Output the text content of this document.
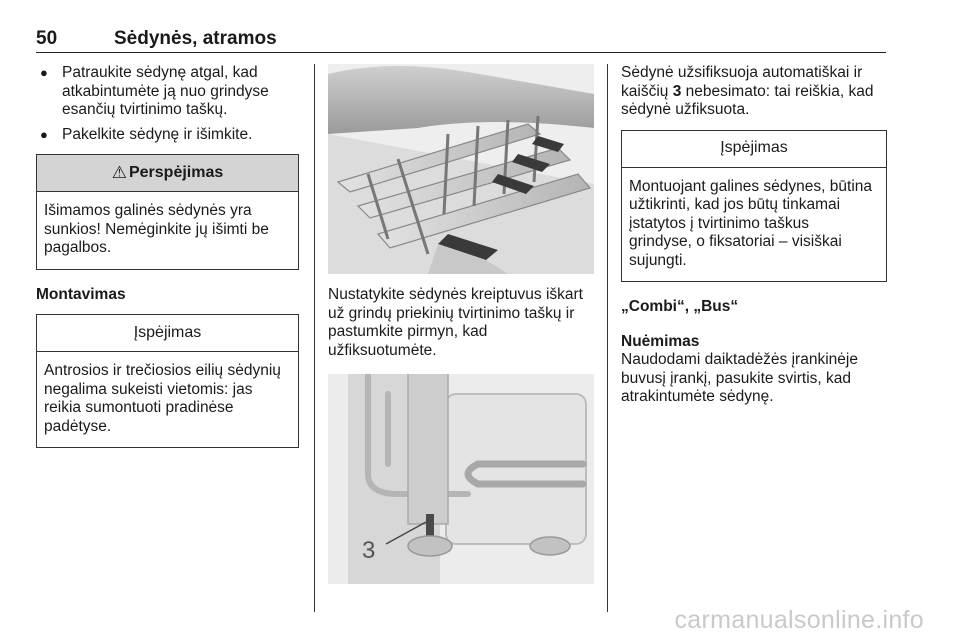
50	Sėdynės, atramos
● Patraukite sėdynę atgal, kad atkabintumėte ją nuo grindyse esančių tvirtinimo taškų.
● Pakelkite sėdynę ir išimkite.
⚠ Perspėjimas
Išimamos galinės sėdynės yra sunkios! Nemėginkite jų išimti be pagalbos.

Montavimas

Įspėjimas
Antrosios ir trečiosios eilių sėdynių negalima sukeisti vietomis: jas reikia sumontuoti pradinėse padėtyse.

Nustatykite sėdynės kreiptuvus iškart už grindų priekinių tvirtinimo taškų ir pastumkite pirmyn, kad užfiksuotumėte.

3

Sėdynė užsifiksuoja automatiškai ir kaiščių 3 nebesimato: tai reiškia, kad sėdynė užfiksuota.

Įspėjimas
Montuojant galines sėdynes, būtina užtikrinti, kad jos būtų tinkamai įstatytos į tvirtinimo taškus grindyse, o fiksatoriai – visiškai sujungti.

„Combi“, „Bus“

Nuėmimas

Naudodami daiktadėžės įrankinėje buvusį įrankį, pasukite svirtis, kad atrakintumėte sėdynę.

carmanualsonline.info
